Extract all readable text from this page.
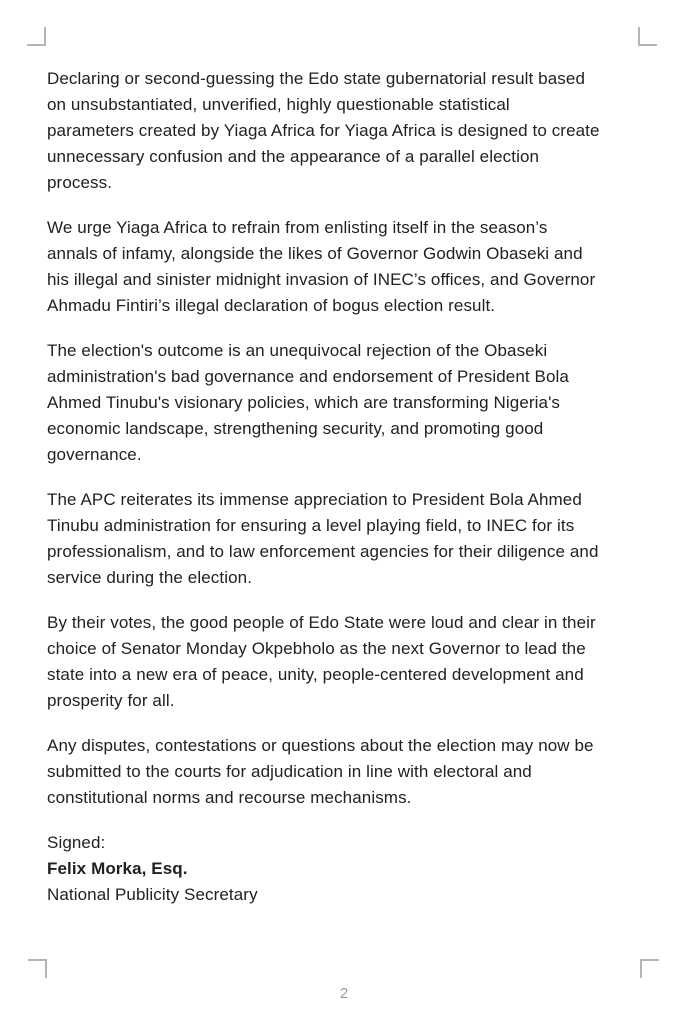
Declaring or second-guessing the Edo state gubernatorial result based
on unsubstantiated, unverified, highly questionable statistical
parameters created by Yiaga Africa for Yiaga Africa is designed to create
unnecessary confusion and the appearance of a parallel election
process.
We urge Yiaga Africa to refrain from enlisting itself in the season’s
annals of infamy, alongside the likes of Governor Godwin Obaseki and
his illegal and sinister midnight invasion of INEC’s offices, and Governor
Ahmadu Fintiri’s illegal declaration of bogus election result.
The election's outcome is an unequivocal rejection of the Obaseki
administration's bad governance and endorsement of President Bola
Ahmed Tinubu's visionary policies, which are transforming Nigeria's
economic landscape, strengthening security, and promoting good
governance.
The APC reiterates its immense appreciation to President Bola Ahmed
Tinubu administration for ensuring a level playing field, to INEC for its
professionalism, and to law enforcement agencies for their diligence and
service during the election.
By their votes, the good people of Edo State were loud and clear in their
choice of Senator Monday Okpebholo as the next Governor to lead the
state into a new era of peace, unity, people-centered development and
prosperity for all.
Any disputes, contestations or questions about the election may now be
submitted to the courts for adjudication in line with electoral and
constitutional norms and recourse mechanisms.
Signed:
Felix Morka, Esq.
National Publicity Secretary
2
